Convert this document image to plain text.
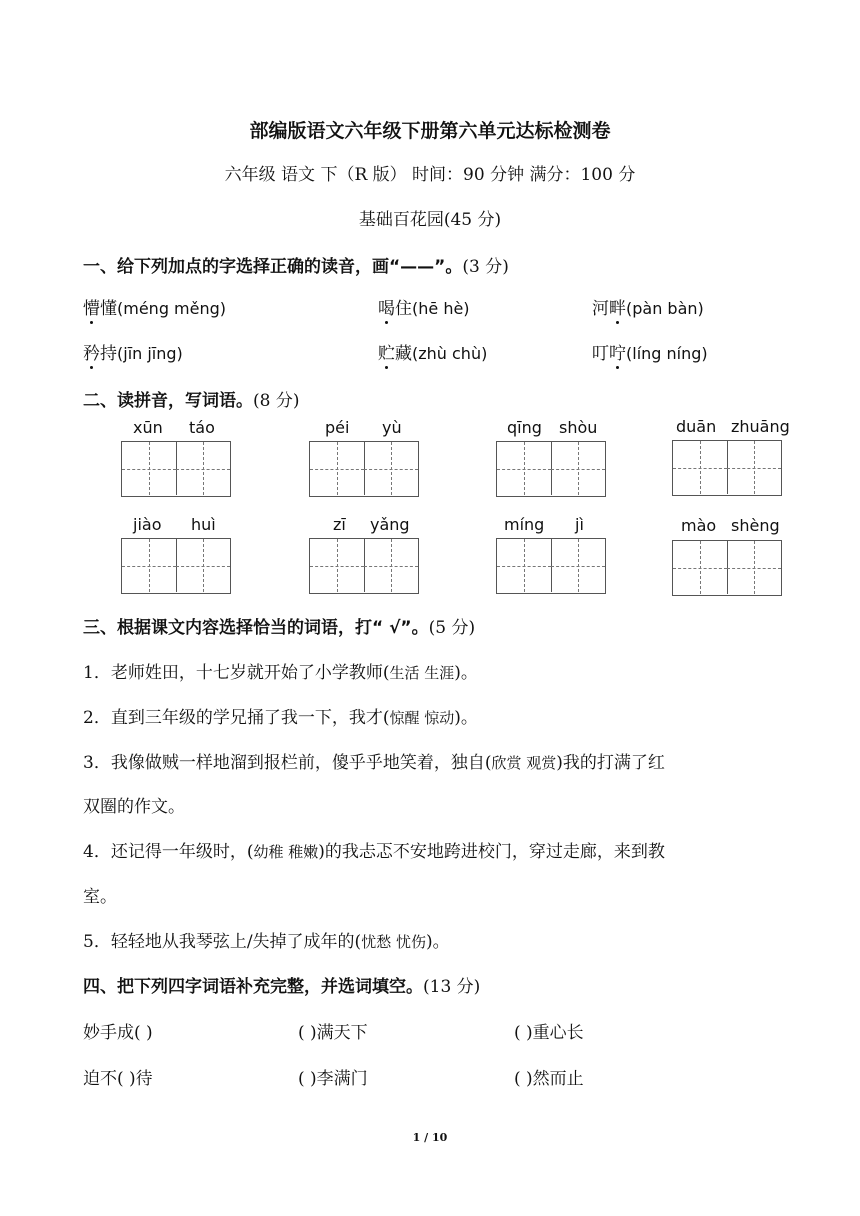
部编版语文六年级下册第六单元达标检测卷
六年级 语文 下（R 版） 时间：90 分钟 满分：100 分
基础百花园(45 分)
一、给下列加点的字选择正确的读音，画“——”。(3 分)
懵懂(méng měng)	喝住(hē hè)	河畔(pàn bàn)
矜持(jīn jīng)	贮藏(zhù chù)	叮咛(líng níng)
二、读拼音，写词语。(8 分)
xūn táo	péi yù	qīng shòu	duān zhuāng
jiào huì	zī yǎng	míng jì	mào shèng
三、根据课文内容选择恰当的词语，打“ √”。(5 分)
1．老师姓田，十七岁就开始了小学教师(生活 生涯)。
2．直到三年级的学兄捅了我一下，我才(惊醒 惊动)。
3．我像做贼一样地溜到报栏前，傻乎乎地笑着，独自(欣赏 观赏)我的打满了红
双圈的作文。
4．还记得一年级时，(幼稚 稚嫩)的我忐忑不安地跨进校门，穿过走廊，来到教
室。
5．轻轻地从我琴弦上/失掉了成年的(忧愁 忧伤)。
四、把下列四字词语补充完整，并选词填空。(13 分)
妙手成( )	( )满天下	( )重心长
迫不( )待	( )李满门	( )然而止
1 / 10
